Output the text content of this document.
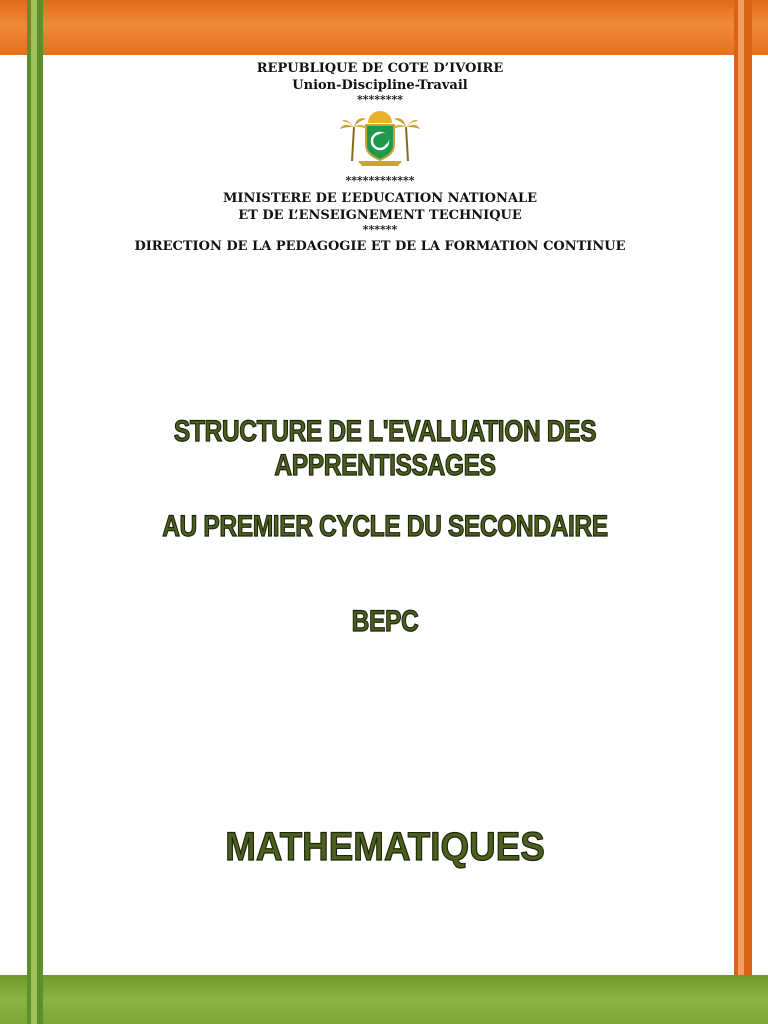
REPUBLIQUE DE COTE D’IVOIRE
Union-Discipline-Travail
********
************
MINISTERE DE L’EDUCATION NATIONALE
ET DE L’ENSEIGNEMENT TECHNIQUE
******
DIRECTION DE LA PEDAGOGIE ET DE LA FORMATION CONTINUE
STRUCTURE DE L'EVALUATION DES APPRENTISSAGES
AU PREMIER CYCLE DU SECONDAIRE
BEPC
MATHEMATIQUES
